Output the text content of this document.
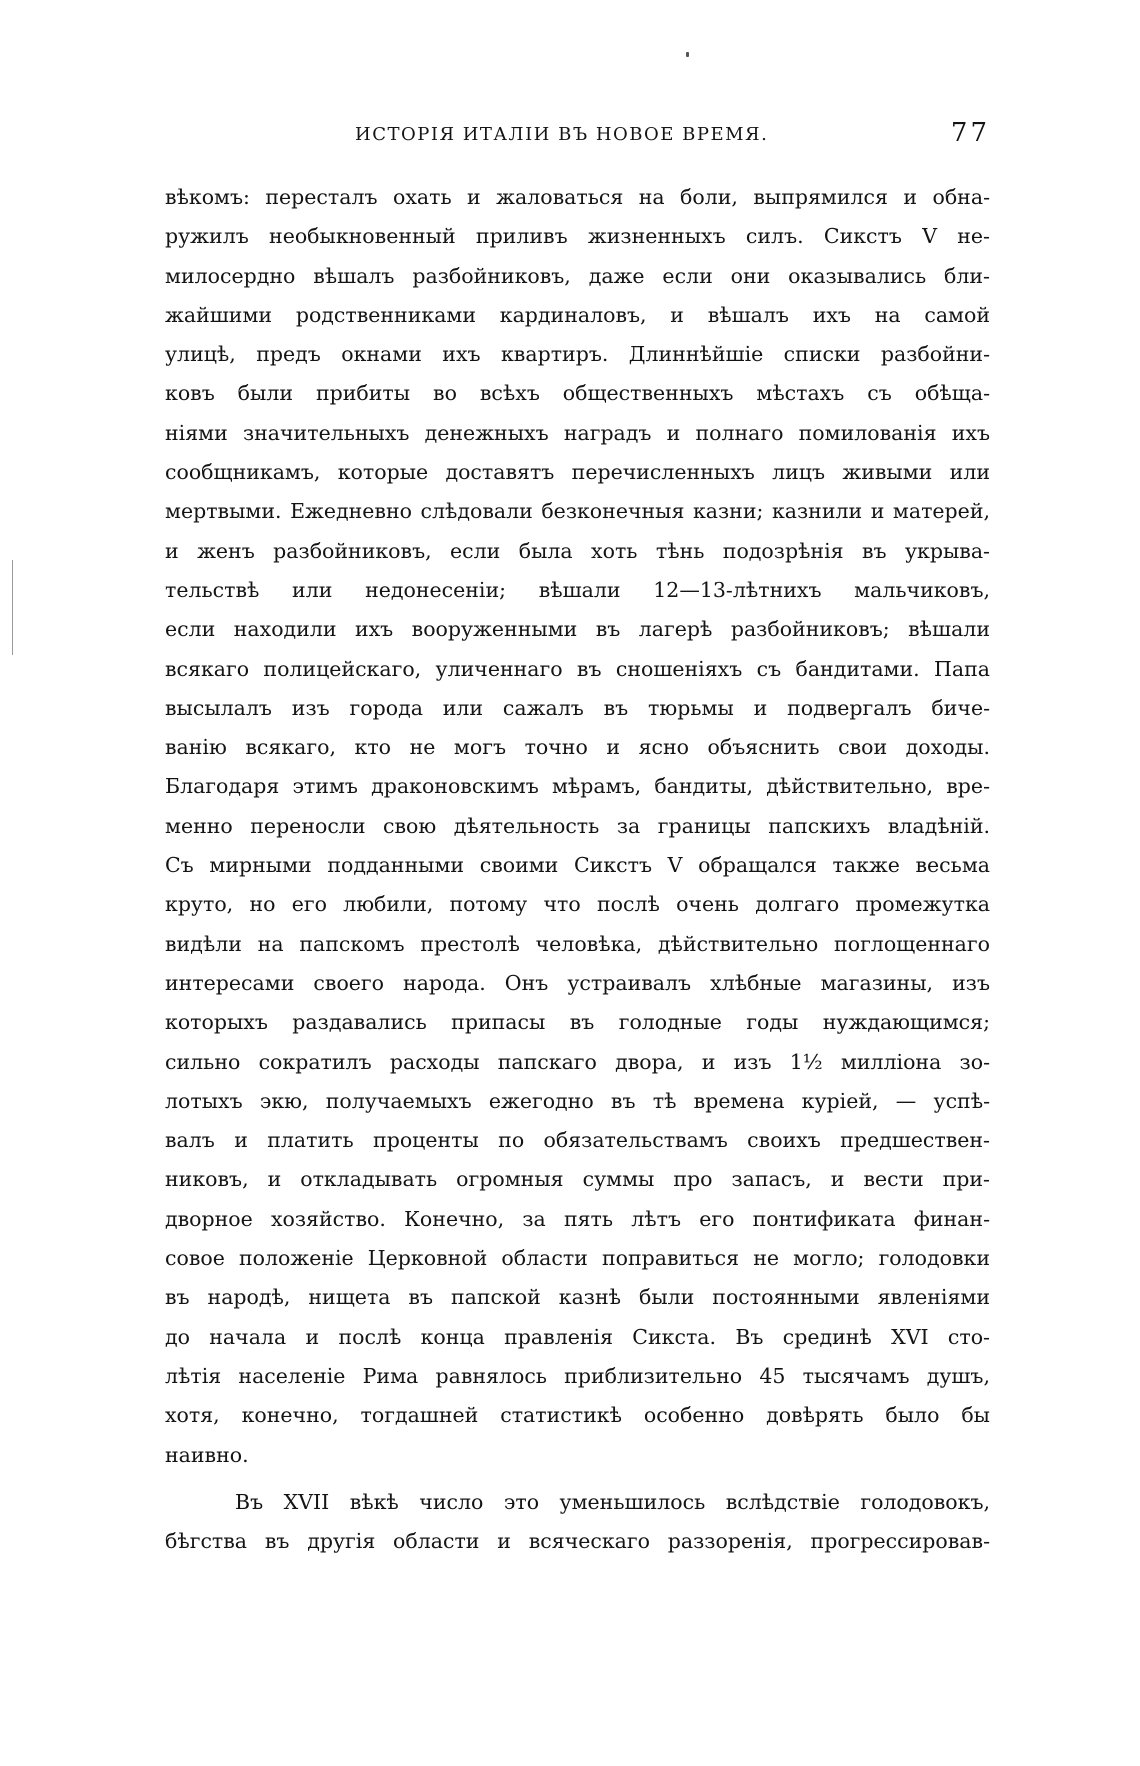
ИСТОРІЯ ИТАЛІИ ВЪ НОВОЕ ВРЕМЯ.	77
вѣкомъ: пересталъ охать и жаловаться на боли, выпрямился и обна-
ружилъ необыкновенный приливъ жизненныхъ силъ. Сикстъ V не-
милосердно вѣшалъ разбойниковъ, даже если они оказывались бли-
жайшими родственниками кардиналовъ, и вѣшалъ ихъ на самой
улицѣ, предъ окнами ихъ квартиръ. Длиннѣйшіе списки разбойни-
ковъ были прибиты во всѣхъ общественныхъ мѣстахъ съ обѣща-
ніями значительныхъ денежныхъ наградъ и полнаго помилованія ихъ
сообщникамъ, которые доставятъ перечисленныхъ лицъ живыми или
мертвыми. Ежедневно слѣдовали безконечныя казни; казнили и матерей,
и женъ разбойниковъ, если была хоть тѣнь подозрѣнія въ укрыва-
тельствѣ или недонесеніи; вѣшали 12—13-лѣтнихъ мальчиковъ,
если находили ихъ вооруженными въ лагерѣ разбойниковъ; вѣшали
всякаго полицейскаго, уличеннаго въ сношеніяхъ съ бандитами. Папа
высылалъ изъ города или сажалъ въ тюрьмы и подвергалъ биче-
ванію всякаго, кто не могъ точно и ясно объяснить свои доходы.
Благодаря этимъ драконовскимъ мѣрамъ, бандиты, дѣйствительно, вре-
менно переносли свою дѣятельность за границы папскихъ владѣній.
Съ мирными подданными своими Сикстъ V обращался также весьма
круто, но его любили, потому что послѣ очень долгаго промежутка
видѣли на папскомъ престолѣ человѣка, дѣйствительно поглощеннаго
интересами своего народа. Онъ устраивалъ хлѣбные магазины, изъ
которыхъ раздавались припасы въ голодные годы нуждающимся;
сильно сократилъ расходы папскаго двора, и изъ 1½ милліона зо-
лотыхъ экю, получаемыхъ ежегодно въ тѣ времена куріей, — успѣ-
валъ и платить проценты по обязательствамъ своихъ предшествен-
никовъ, и откладывать огромныя суммы про запасъ, и вести при-
дворное хозяйство. Конечно, за пять лѣтъ его понтификата финан-
совое положеніе Церковной области поправиться не могло; голодовки
въ народѣ, нищета въ папской казнѣ были постоянными явленіями
до начала и послѣ конца правленія Сикста. Въ срединѣ XVI сто-
лѣтія населеніе Рима равнялось приблизительно 45 тысячамъ душъ,
хотя, конечно, тогдашней статистикѣ особенно довѣрять было бы
наивно.
Въ XVII вѣкѣ число это уменьшилось вслѣдствіе голодовокъ,
бѣгства въ другія области и всяческаго раззоренія, прогрессировав-
